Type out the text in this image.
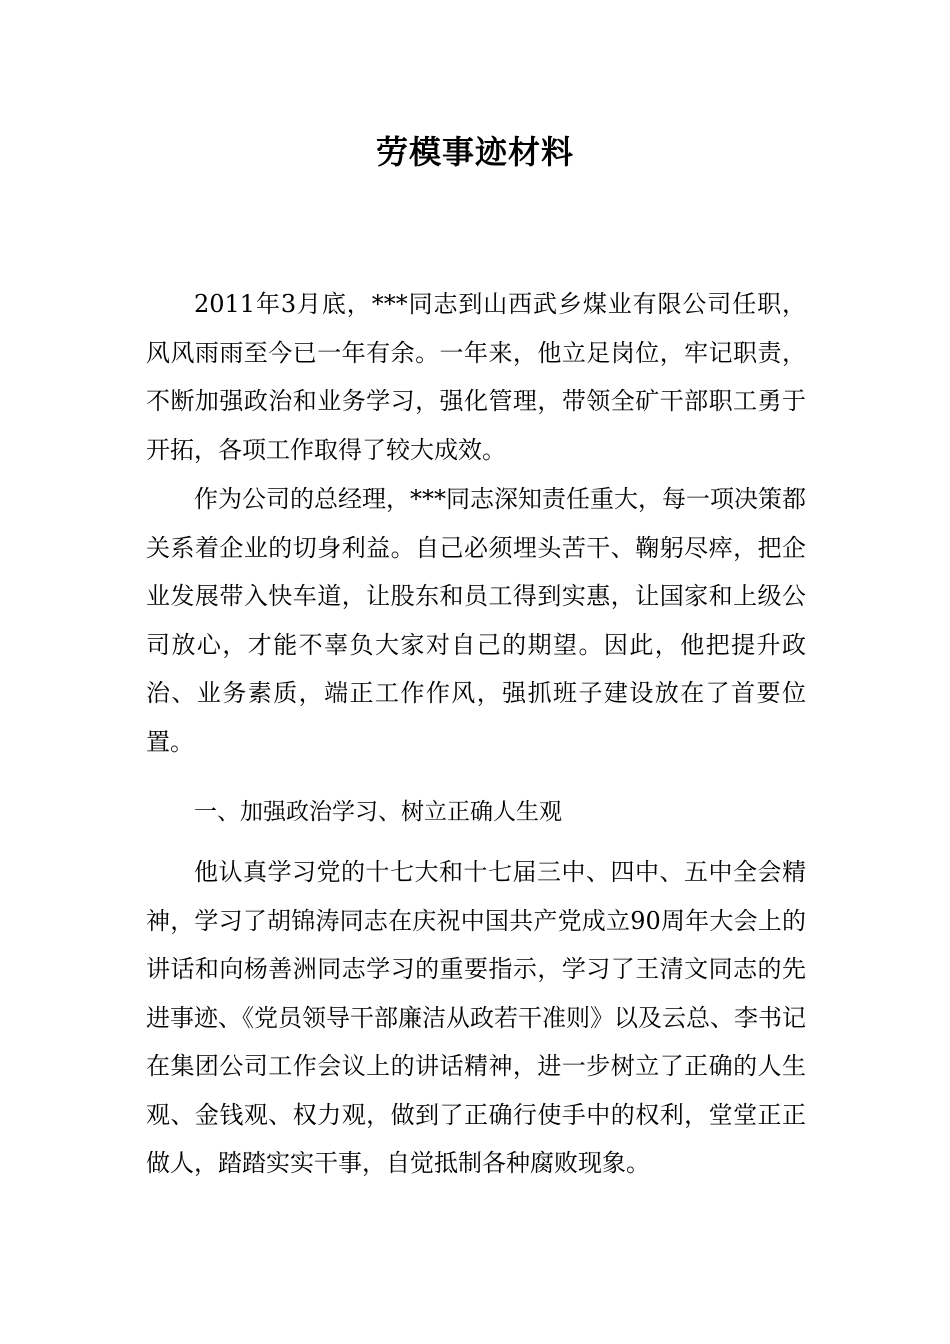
劳模事迹材料

2011年3月底，***同志到山西武乡煤业有限公司任职，风风雨雨至今已一年有余。一年来，他立足岗位，牢记职责，不断加强政治和业务学习，强化管理，带领全矿干部职工勇于开拓，各项工作取得了较大成效。

作为公司的总经理，***同志深知责任重大，每一项决策都关系着企业的切身利益。自己必须埋头苦干、鞠躬尽瘁，把企业发展带入快车道，让股东和员工得到实惠，让国家和上级公司放心，才能不辜负大家对自己的期望。因此，他把提升政治、业务素质，端正工作作风，强抓班子建设放在了首要位置。

一、加强政治学习、树立正确人生观

他认真学习党的十七大和十七届三中、四中、五中全会精神，学习了胡锦涛同志在庆祝中国共产党成立90周年大会上的讲话和向杨善洲同志学习的重要指示，学习了王清文同志的先进事迹、《党员领导干部廉洁从政若干准则》以及云总、李书记在集团公司工作会议上的讲话精神，进一步树立了正确的人生观、金钱观、权力观，做到了正确行使手中的权利，堂堂正正做人，踏踏实实干事，自觉抵制各种腐败现象。
